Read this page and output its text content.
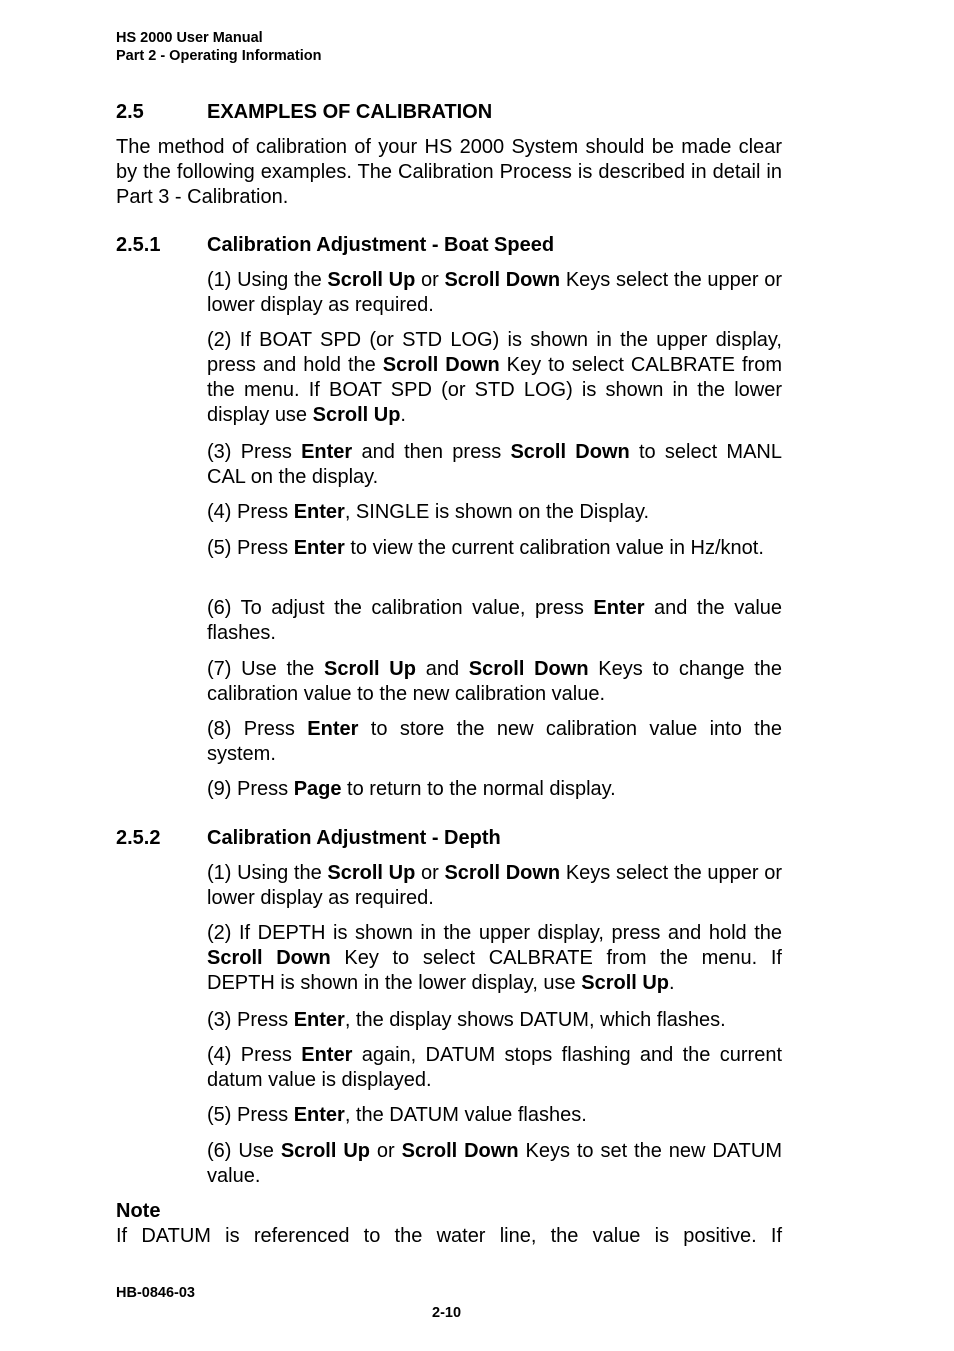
HS 2000 User Manual
Part 2 - Operating Information
2.5	EXAMPLES OF CALIBRATION
The method of calibration of your HS 2000 System should be made clear by the following examples. The Calibration Process is described in detail in Part 3 - Calibration.
2.5.1 Calibration Adjustment - Boat Speed
(1) Using the Scroll Up or Scroll Down Keys select the upper or lower display as required.
(2) If BOAT SPD (or STD LOG) is shown in the upper display, press and hold the Scroll Down Key to select CALBRATE from the menu. If BOAT SPD (or STD LOG) is shown in the lower display use Scroll Up.
(3) Press Enter and then press Scroll Down to select MANL CAL on the display.
(4) Press Enter, SINGLE is shown on the Display.
(5) Press Enter to view the current calibration value in Hz/knot.
(6) To adjust the calibration value, press Enter and the value flashes.
(7) Use the Scroll Up and Scroll Down Keys to change the calibration value to the new calibration value.
(8) Press Enter to store the new calibration value into the system.
(9) Press Page to return to the normal display.
2.5.2 Calibration Adjustment - Depth
(1) Using the Scroll Up or Scroll Down Keys select the upper or lower display as required.
(2) If DEPTH is shown in the upper display, press and hold the Scroll Down Key to select CALBRATE from the menu. If DEPTH is shown in the lower display, use Scroll Up.
(3) Press Enter, the display shows DATUM, which flashes.
(4) Press Enter again, DATUM stops flashing and the current datum value is displayed.
(5) Press Enter, the DATUM value flashes.
(6) Use Scroll Up or Scroll Down Keys to set the new DATUM value.
Note
If DATUM is referenced to the water line, the value is positive. If
HB-0846-03
2-10
